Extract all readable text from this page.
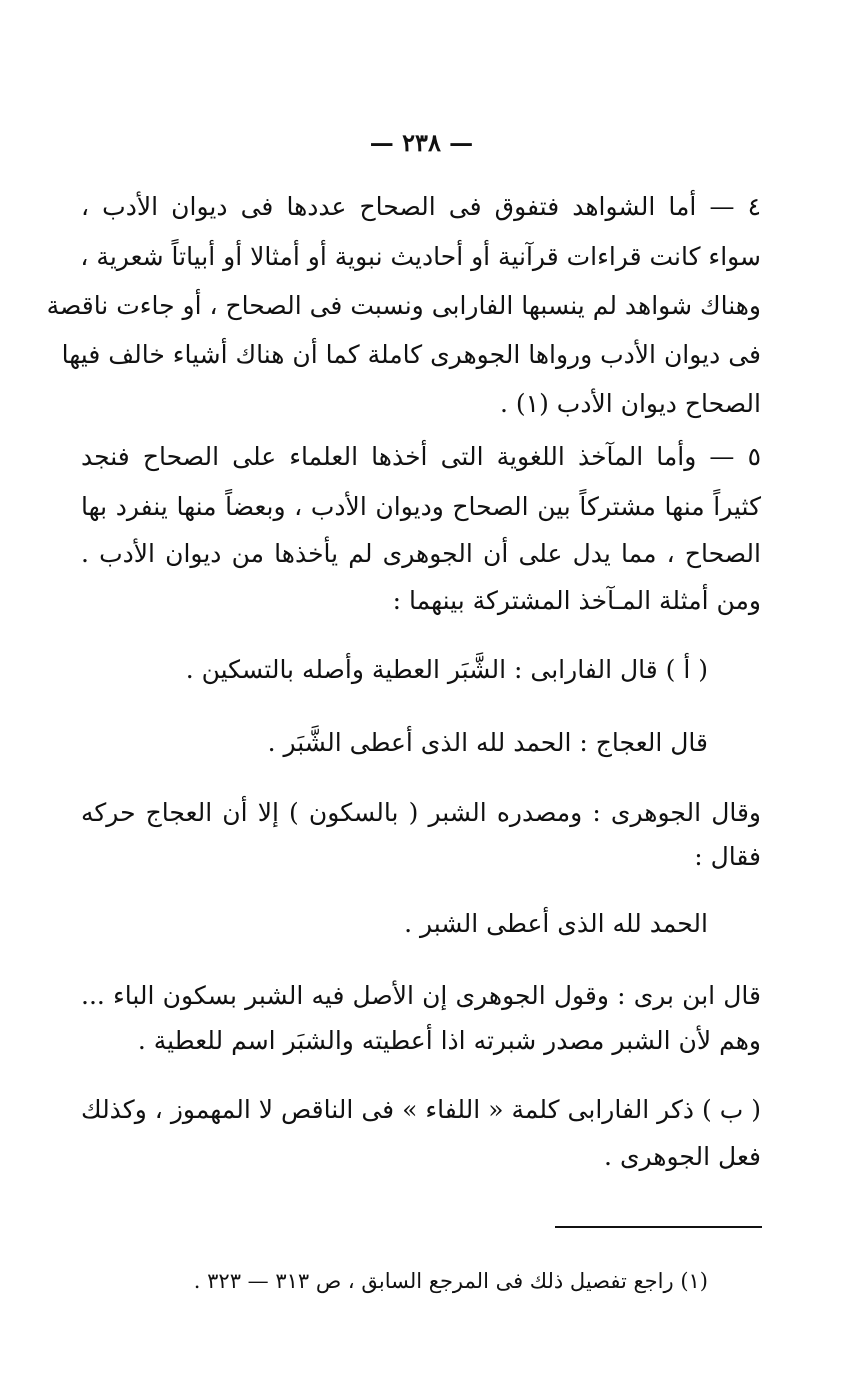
— ٢٣٨ —
٤ — أما الشواهد فتفوق فى الصحاح عددها فى ديوان الأدب ،
سواء كانت قراءات قرآنية أو أحاديث نبوية أو أمثالا أو أبياتاً شعرية ،
وهناك شواهد لم ينسبها الفارابى ونسبت فى الصحاح ، أو جاءت ناقصة
فى ديوان الأدب ورواها الجوهرى كاملة كما أن هناك أشياء خالف فيها
الصحاح ديوان الأدب (١) .
٥ — وأما المآخذ اللغوية التى أخذها العلماء على الصحاح فنجد
كثيراً منها مشتركاً بين الصحاح وديوان الأدب ، وبعضاً منها ينفرد بها
الصحاح ، مما يدل على أن الجوهرى لم يأخذها من ديوان الأدب .
ومن أمثلة المـآخذ المشتركة بينهما :
( أ ) قال الفارابى : الشَّبَر العطية وأصله بالتسكين .
قال العجاج : الحمد لله الذى أعطى الشَّبَر .
وقال الجوهرى : ومصدره الشبر ( بالسكون ) إلا أن العجاج حركه
فقال :
الحمد لله الذى أعطى الشبر .
قال ابن برى : وقول الجوهرى إن الأصل فيه الشبر بسكون الباء ...
وهم لأن الشبر مصدر شبرته اذا أعطيته والشبَر اسم للعطية .
( ب ) ذكر الفارابى كلمة « اللفاء » فى الناقص لا المهموز ، وكذلك
فعل الجوهرى .
(١) راجع تفصيل ذلك فى المرجع السابق ، ص ٣١٣ — ٣٢٣ .
